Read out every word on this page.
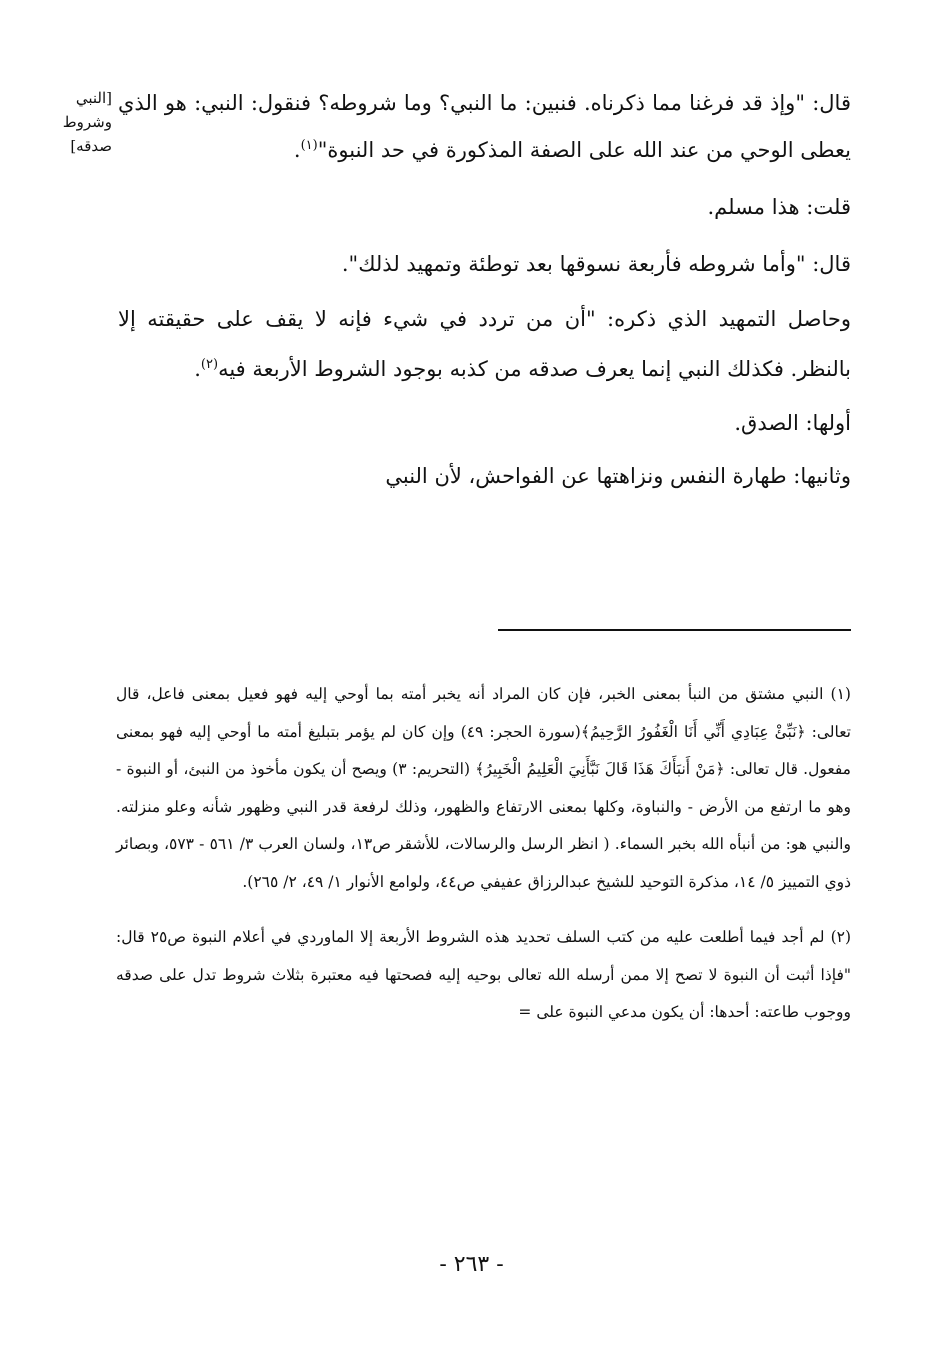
[النبي وشروط صدقه]

قال: "وإذ قد فرغنا مما ذكرناه. فنبين: ما النبي؟ وما شروطه؟ فنقول: النبي: هو الذي يعطى الوحي من عند الله على الصفة المذكورة في حد النبوة"$^{(١)}$.

قلت: هذا مسلم.

قال: "وأما شروطه فأربعة نسوقها بعد توطئة وتمهيد لذلك".

وحاصل التمهيد الذي ذكره: "أن من تردد في شيء فإنه لا يقف على حقيقته إلا بالنظر. فكذلك النبي إنما يعرف صدقه من كذبه بوجود الشروط الأربعة فيه$^{(٢)}$.

أولها: الصدق.

وثانيها: طهارة النفس ونزاهتها عن الفواحش، لأن النبي

(١) النبي مشتق من النبأ بمعنى الخبر، فإن كان المراد أنه يخبر أمته بما أوحي إليه فهو فعيل بمعنى فاعل، قال تعالى: ﴿نَبِّئْ عِبَادِي أَنِّي أَنَا الْغَفُورُ الرَّحِيمُ﴾(سورة الحجر: ٤٩) وإن كان لم يؤمر بتبليغ أمته ما أوحي إليه فهو بمعنى مفعول. قال تعالى: ﴿مَنْ أَنبَأَكَ هَذَا قَالَ نَبَّأَنِيَ الْعَلِيمُ الْخَبِيرُ﴾ (التحريم: ٣) ويصح أن يكون مأخوذ من النبئ، أو النبوة - وهو ما ارتفع من الأرض - والنباوة، وكلها بمعنى الارتفاع والظهور، وذلك لرفعة قدر النبي وظهور شأنه وعلو منزلته. والنبي هو: من أنبأه الله بخبر السماء. ( انظر الرسل والرسالات، للأشقر ص١٣، ولسان العرب ٣/ ٥٦١ - ٥٧٣، وبصائر ذوي التمييز ٥/ ١٤، مذكرة التوحيد للشيخ عبدالرزاق عفيفي ص٤٤، ولوامع الأنوار ١/ ٤٩، ٢/ ٢٦٥).

(٢) لم أجد فيما أطلعت عليه من كتب السلف تحديد هذه الشروط الأربعة إلا الماوردي في أعلام النبوة ص٢٥ قال: "فإذا أثبت أن النبوة لا تصح إلا ممن أرسله الله تعالى بوحيه إليه فصحتها فيه معتبرة بثلاث شروط تدل على صدقه ووجوب طاعته: أحدها: أن يكون مدعي النبوة على =

- ٢٦٣ -
